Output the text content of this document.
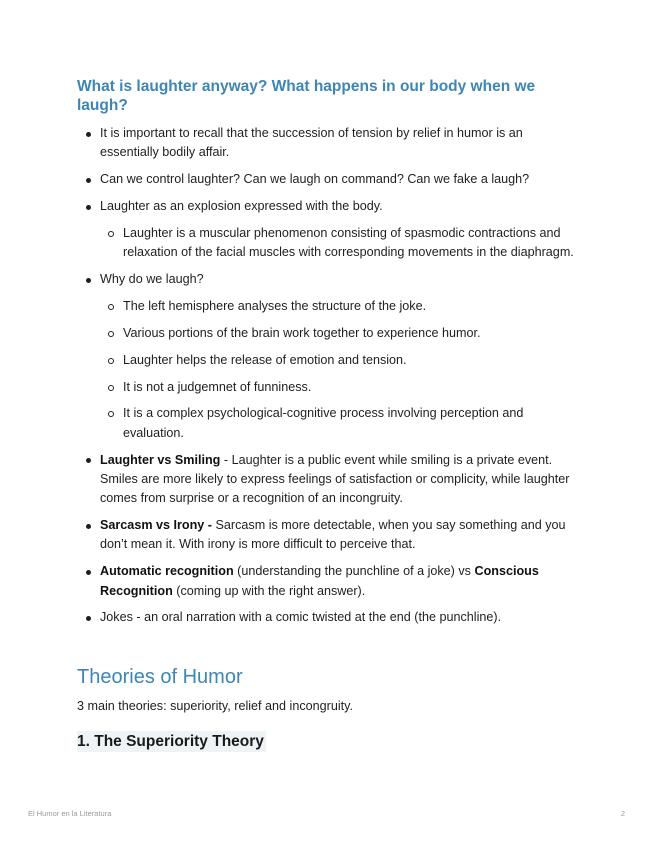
What is laughter anyway? What happens in our body when we laugh?
It is important to recall that the succession of tension by relief in humor is an essentially bodily affair.
Can we control laughter? Can we laugh on command? Can we fake a laugh?
Laughter as an explosion expressed with the body.
Laughter is a muscular phenomenon consisting of spasmodic contractions and relaxation of the facial muscles with corresponding movements in the diaphragm.
Why do we laugh?
The left hemisphere analyses the structure of the joke.
Various portions of the brain work together to experience humor.
Laughter helps the release of emotion and tension.
It is not a judgemnet of funniness.
It is a complex psychological-cognitive process involving perception and evaluation.
Laughter vs Smiling - Laughter is a public event while smiling is a private event. Smiles are more likely to express feelings of satisfaction or complicity, while laughter comes from surprise or a recognition of an incongruity.
Sarcasm vs Irony - Sarcasm is more detectable, when you say something and you don’t mean it. With irony is more difficult to perceive that.
Automatic recognition (understanding the punchline of a joke) vs Conscious Recognition (coming up with the right answer).
Jokes - an oral narration with a comic twisted at the end (the punchline).
Theories of Humor

3 main theories: superiority, relief and incongruity.

1. The Superiority Theory
El Humor en la Literatura	2
